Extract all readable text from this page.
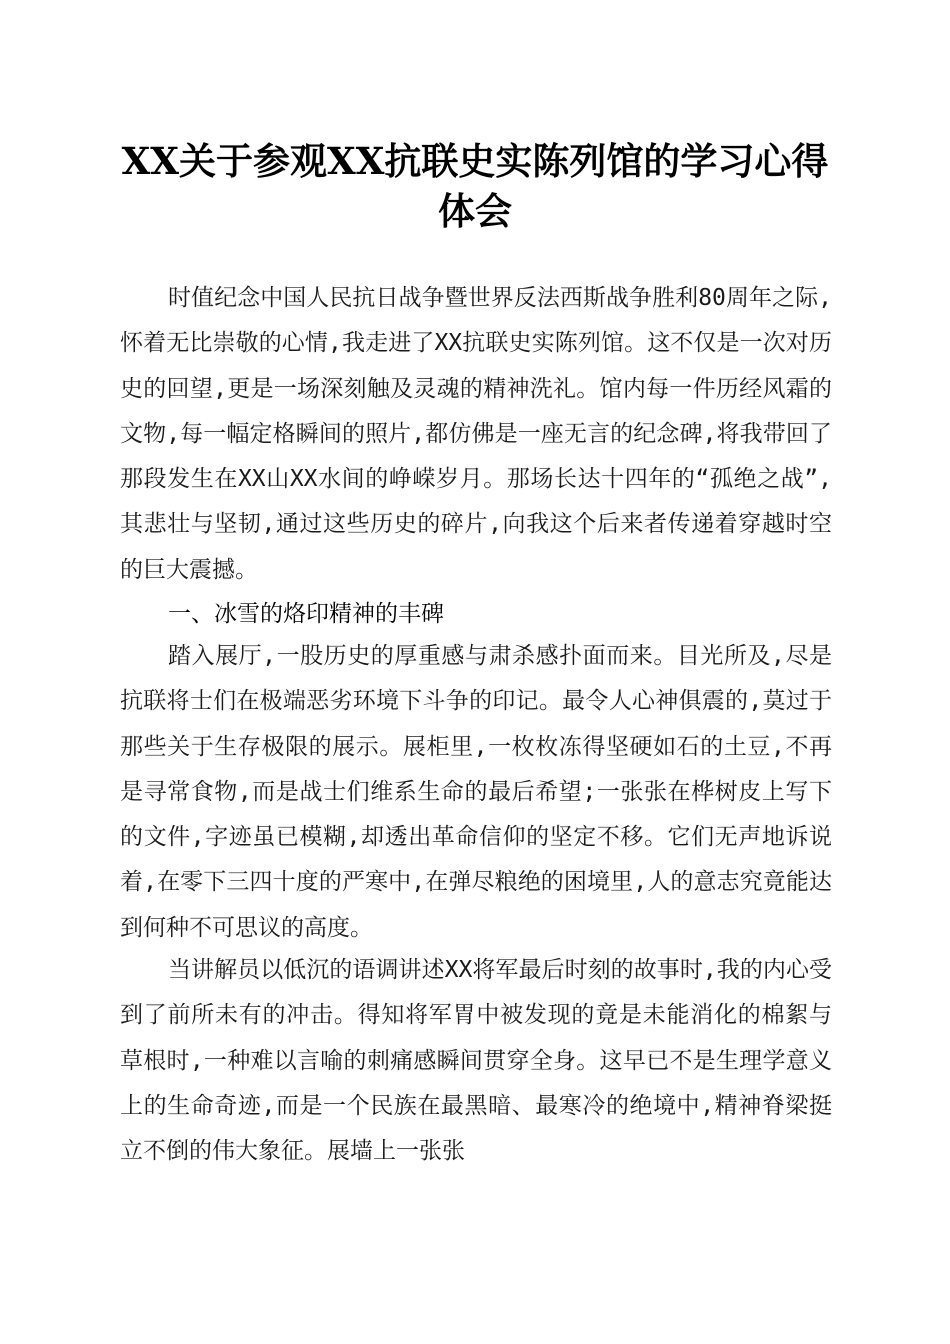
XX关于参观XX抗联史实陈列馆的学习心得体会

时值纪念中国人民抗日战争暨世界反法西斯战争胜利80周年之际,怀着无比崇敬的心情,我走进了XX抗联史实陈列馆。这不仅是一次对历史的回望,更是一场深刻触及灵魂的精神洗礼。馆内每一件历经风霜的文物,每一幅定格瞬间的照片,都仿佛是一座无言的纪念碑,将我带回了那段发生在XX山XX水间的峥嵘岁月。那场长达十四年的“孤绝之战”,其悲壮与坚韧,通过这些历史的碎片,向我这个后来者传递着穿越时空的巨大震撼。

一、冰雪的烙印精神的丰碑

踏入展厅,一股历史的厚重感与肃杀感扑面而来。目光所及,尽是抗联将士们在极端恶劣环境下斗争的印记。最令人心神俱震的,莫过于那些关于生存极限的展示。展柜里,一枚枚冻得坚硬如石的土豆,不再是寻常食物,而是战士们维系生命的最后希望;一张张在桦树皮上写下的文件,字迹虽已模糊,却透出革命信仰的坚定不移。它们无声地诉说着,在零下三四十度的严寒中,在弹尽粮绝的困境里,人的意志究竟能达到何种不可思议的高度。

当讲解员以低沉的语调讲述XX将军最后时刻的故事时,我的内心受到了前所未有的冲击。得知将军胃中被发现的竟是未能消化的棉絮与草根时,一种难以言喻的刺痛感瞬间贯穿全身。这早已不是生理学意义上的生命奇迹,而是一个民族在最黑暗、最寒冷的绝境中,精神脊梁挺立不倒的伟大象征。展墙上一张张
